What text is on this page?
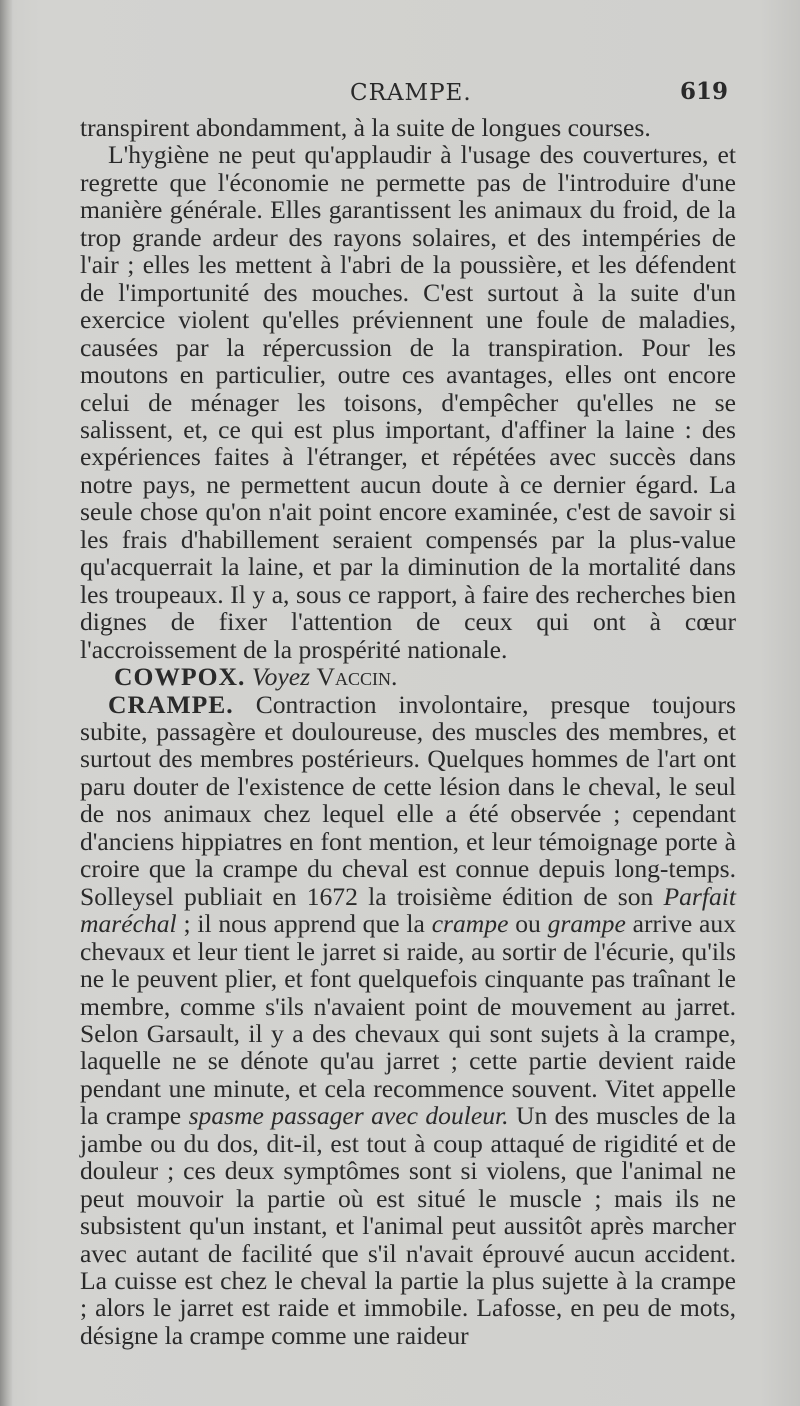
CRAMPE.	619

transpirent abondamment, à la suite de longues courses.

L'hygiène ne peut qu'applaudir à l'usage des couvertures, et regrette que l'économie ne permette pas de l'introduire d'une manière générale. Elles garantissent les animaux du froid, de la trop grande ardeur des rayons solaires, et des intempéries de l'air ; elles les mettent à l'abri de la poussière, et les défendent de l'importunité des mouches. C'est surtout à la suite d'un exercice violent qu'elles préviennent une foule de maladies, causées par la répercussion de la transpiration. Pour les moutons en particulier, outre ces avantages, elles ont encore celui de ménager les toisons, d'empêcher qu'elles ne se salissent, et, ce qui est plus important, d'affiner la laine : des expériences faites à l'étranger, et répétées avec succès dans notre pays, ne permettent aucun doute à ce dernier égard. La seule chose qu'on n'ait point encore examinée, c'est de savoir si les frais d'habillement seraient compensés par la plus-value qu'acquerrait la laine, et par la diminution de la mortalité dans les troupeaux. Il y a, sous ce rapport, à faire des recherches bien dignes de fixer l'attention de ceux qui ont à cœur l'accroissement de la prospérité nationale.

COWPOX. Voyez Vaccin.

CRAMPE. Contraction involontaire, presque toujours subite, passagère et douloureuse, des muscles des membres, et surtout des membres postérieurs. Quelques hommes de l'art ont paru douter de l'existence de cette lésion dans le cheval, le seul de nos animaux chez lequel elle a été observée ; cependant d'anciens hippiatres en font mention, et leur témoignage porte à croire que la crampe du cheval est connue depuis long-temps. Solleysel publiait en 1672 la troisième édition de son Parfait maréchal ; il nous apprend que la crampe ou grampe arrive aux chevaux et leur tient le jarret si raide, au sortir de l'écurie, qu'ils ne le peuvent plier, et font quelquefois cinquante pas traînant le membre, comme s'ils n'avaient point de mouvement au jarret. Selon Garsault, il y a des chevaux qui sont sujets à la crampe, laquelle ne se dénote qu'au jarret ; cette partie devient raide pendant une minute, et cela recommence souvent. Vitet appelle la crampe spasme passager avec douleur. Un des muscles de la jambe ou du dos, dit-il, est tout à coup attaqué de rigidité et de douleur ; ces deux symptômes sont si violens, que l'animal ne peut mouvoir la partie où est situé le muscle ; mais ils ne subsistent qu'un instant, et l'animal peut aussitôt après marcher avec autant de facilité que s'il n'avait éprouvé aucun accident. La cuisse est chez le cheval la partie la plus sujette à la crampe ; alors le jarret est raide et immobile. Lafosse, en peu de mots, désigne la crampe comme une raideur
